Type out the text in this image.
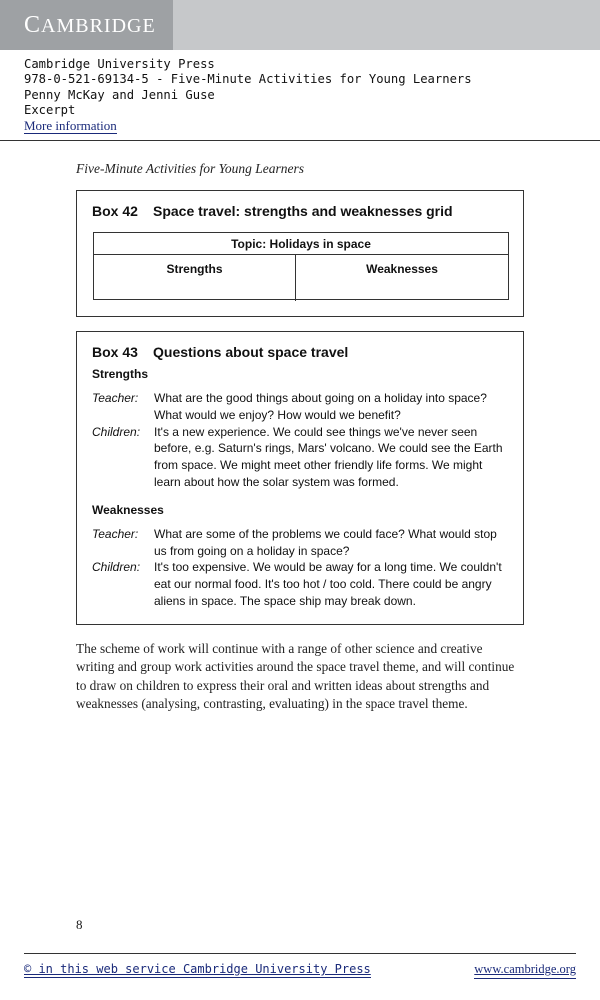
CAMBRIDGE
Cambridge University Press
978-0-521-69134-5 - Five-Minute Activities for Young Learners
Penny McKay and Jenni Guse
Excerpt
More information
Five-Minute Activities for Young Learners
Box 42 Space travel: strengths and weaknesses grid
Topic: Holidays in space
Strengths	Weaknesses
Box 43 Questions about space travel
Strengths
Teacher:	What are the good things about going on a holiday into space? What would we enjoy? How would we benefit?
Children:	It's a new experience. We could see things we've never seen before, e.g. Saturn's rings, Mars' volcano. We could see the Earth from space. We might meet other friendly life forms. We might learn about how the solar system was formed.
Weaknesses
Teacher:	What are some of the problems we could face? What would stop us from going on a holiday in space?
Children:	It's too expensive. We would be away for a long time. We couldn't eat our normal food. It's too hot / too cold. There could be angry aliens in space. The space ship may break down.
The scheme of work will continue with a range of other science and creative writing and group work activities around the space travel theme, and will continue to draw on children to express their oral and written ideas about strengths and weaknesses (analysing, contrasting, evaluating) in the space travel theme.
8
© in this web service Cambridge University Press	www.cambridge.org
